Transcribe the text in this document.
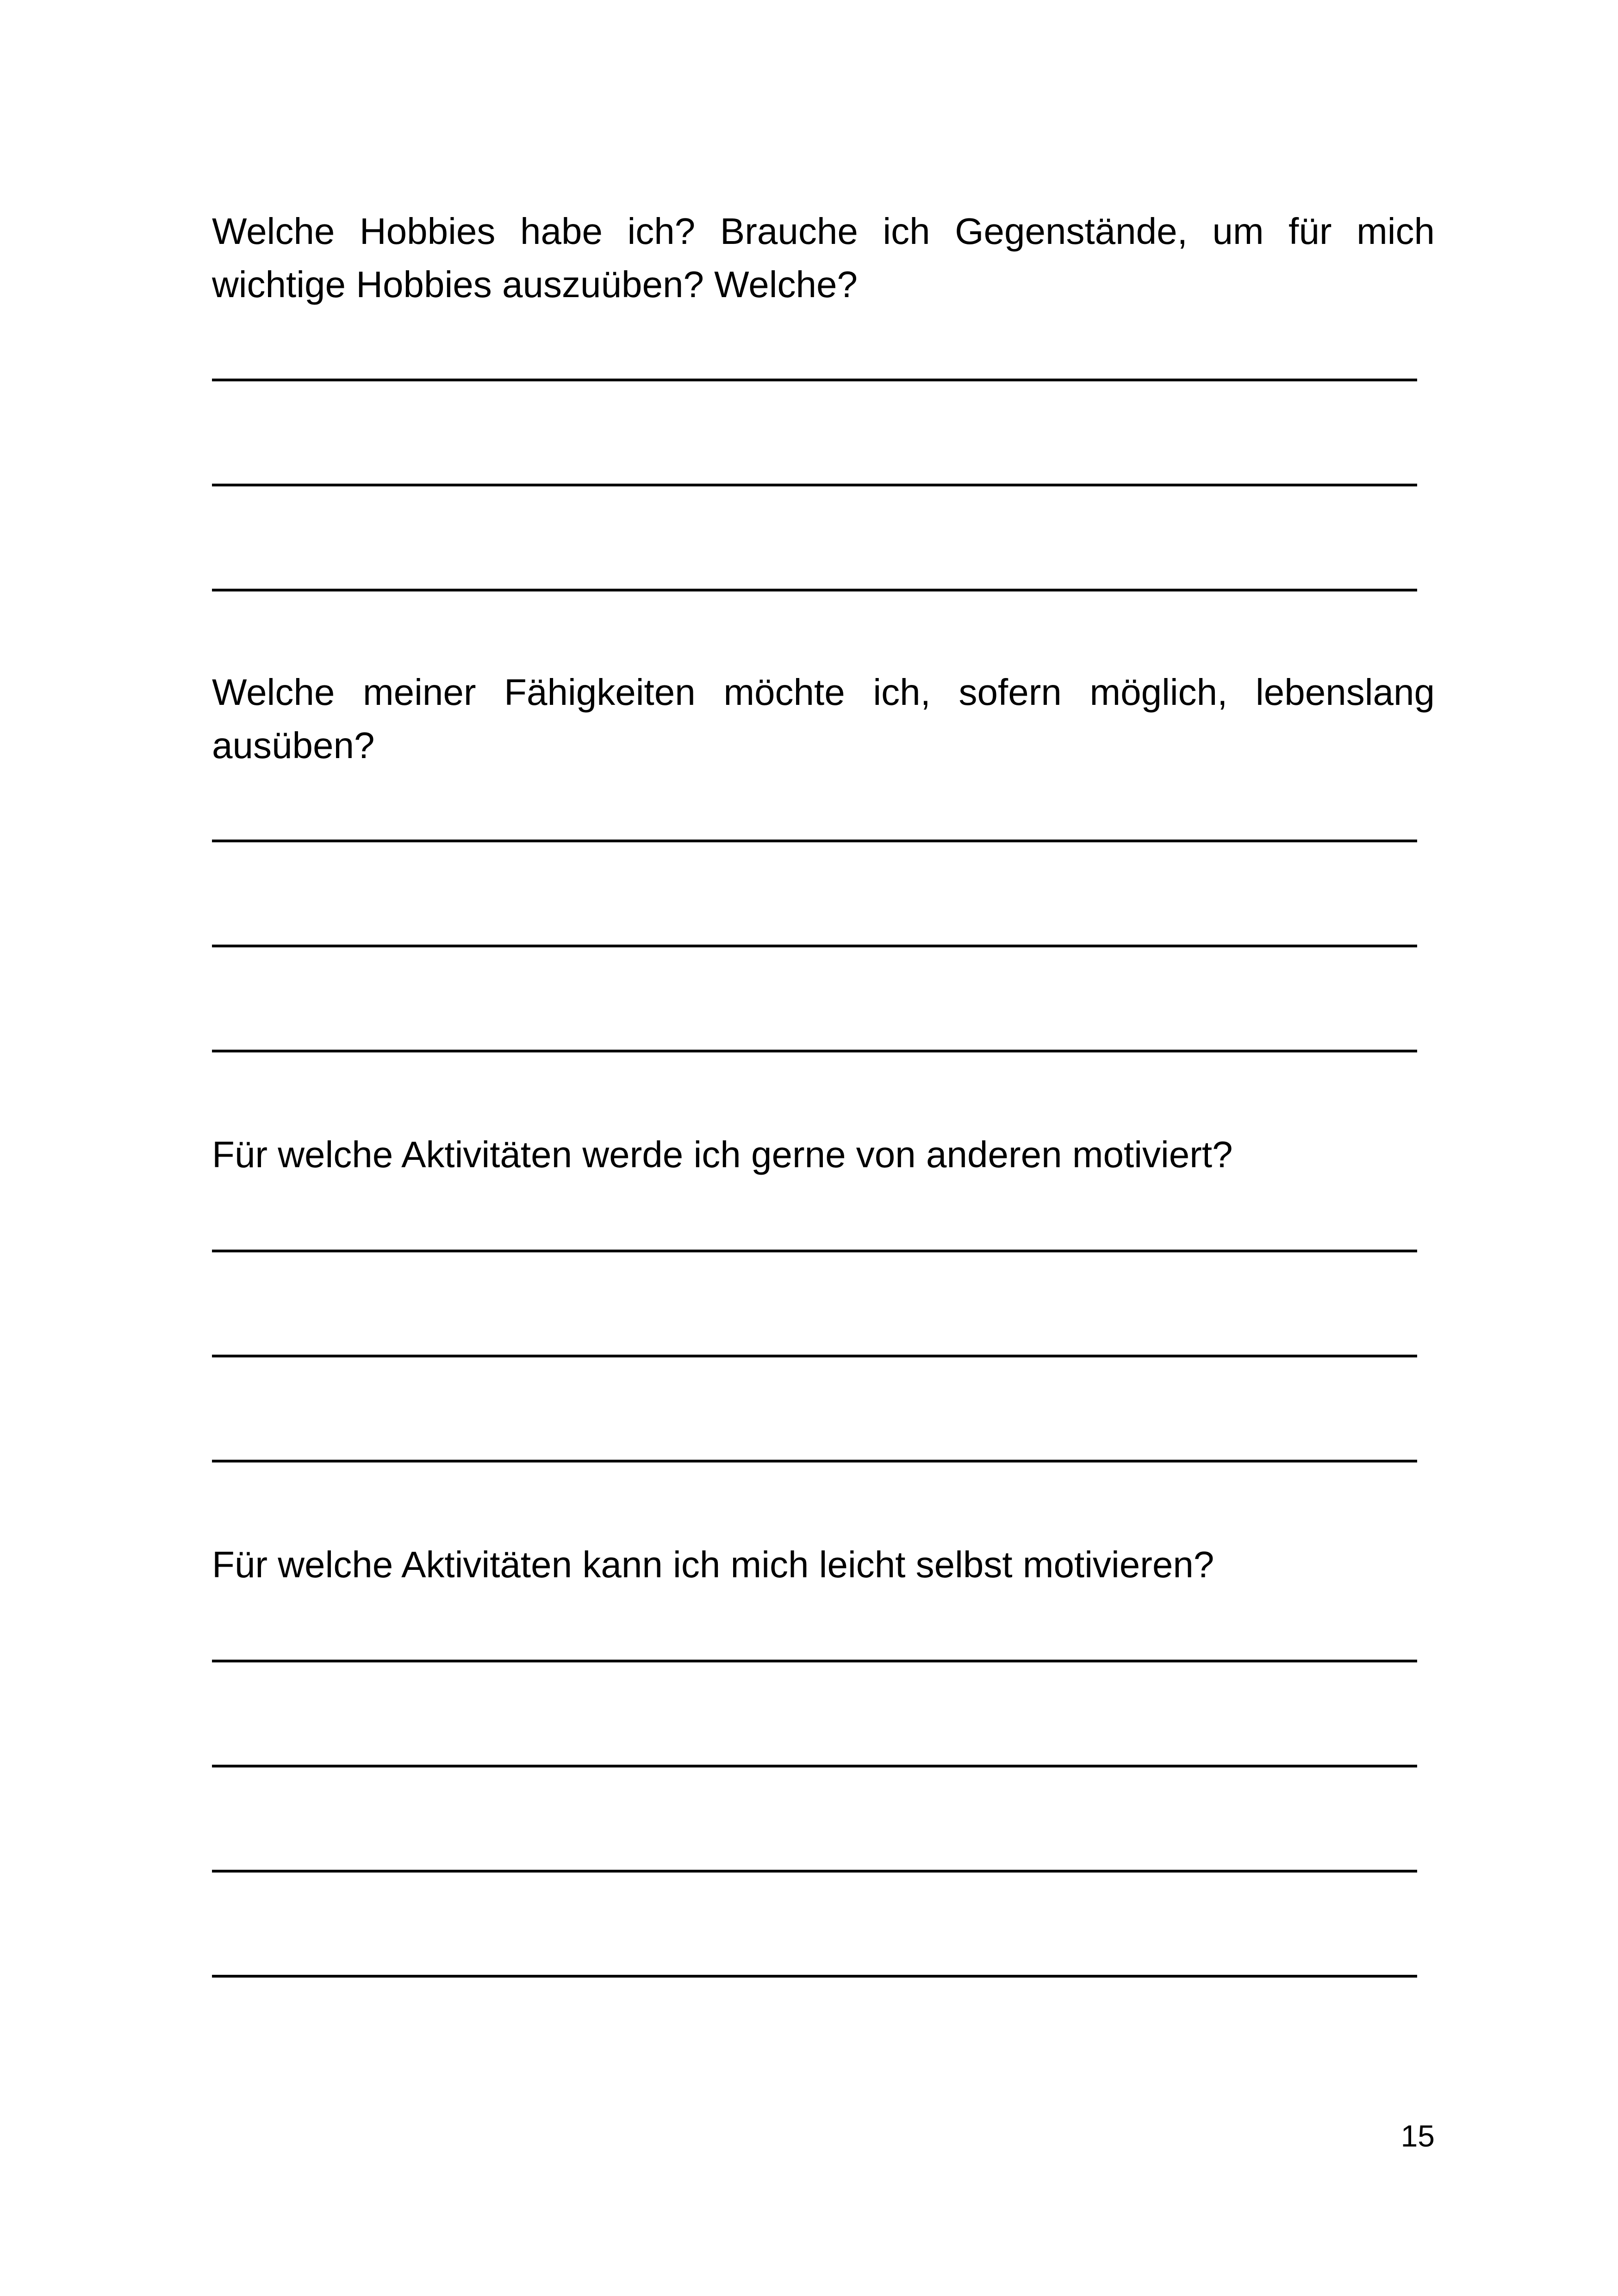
Welche Hobbies habe ich? Brauche ich Gegenstände, um für mich wichtige Hobbies auszuüben? Welche?

Welche meiner Fähigkeiten möchte ich, sofern möglich, lebenslang ausüben?

Für welche Aktivitäten werde ich gerne von anderen motiviert?

Für welche Aktivitäten kann ich mich leicht selbst motivieren?

15
